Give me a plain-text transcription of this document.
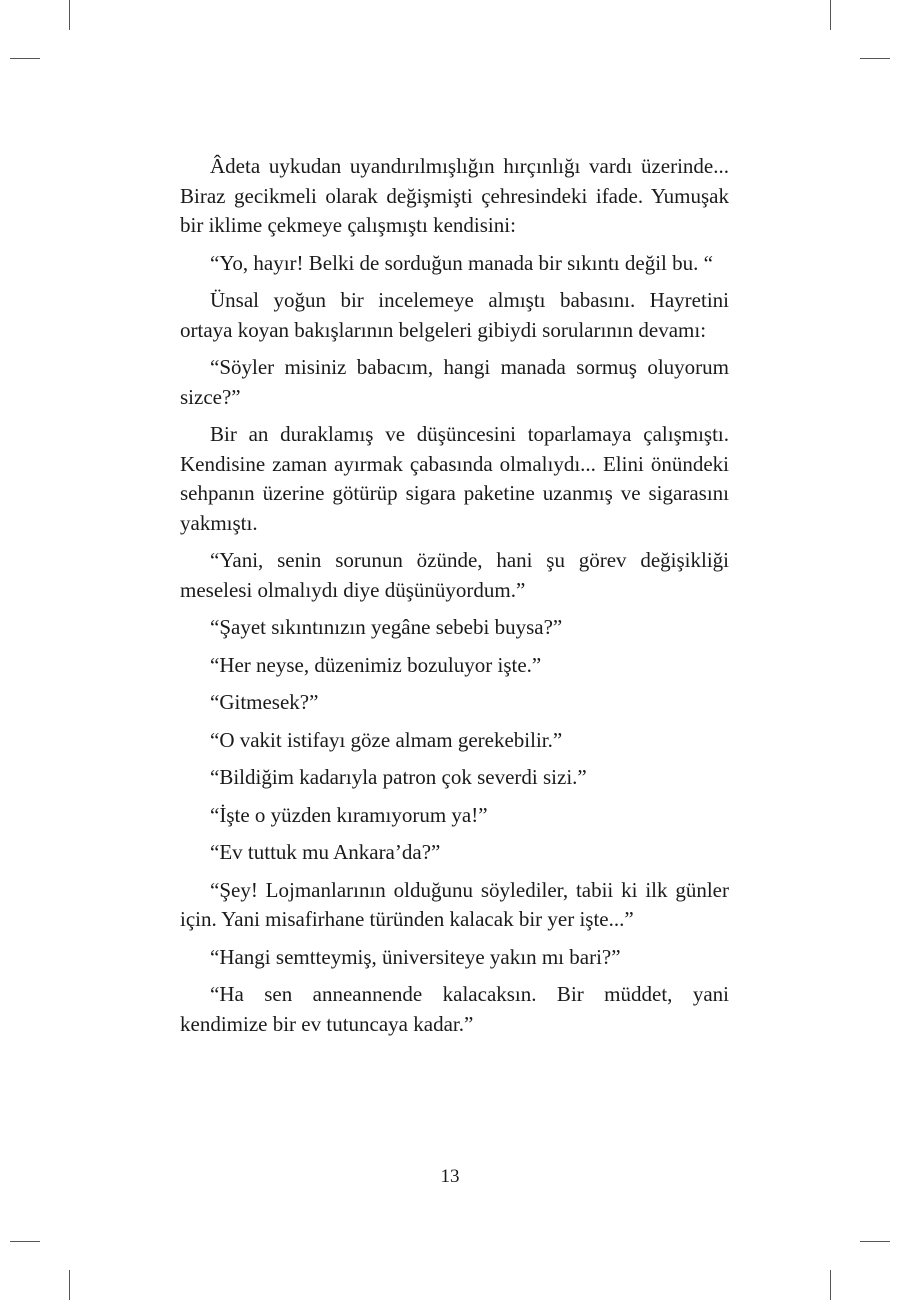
Âdeta uykudan uyandırılmışlığın hırçınlığı vardı üzerinde... Biraz gecikmeli olarak değişmişti çehresindeki ifade. Yumuşak bir iklime çekmeye çalışmıştı kendisini:

“Yo, hayır! Belki de sorduğun manada bir sıkıntı değil bu. “

Ünsal yoğun bir incelemeye almıştı babasını. Hayretini ortaya koyan bakışlarının belgeleri gibiydi sorularının devamı:

“Söyler misiniz babacım, hangi manada sormuş oluyorum sizce?”

Bir an duraklamış ve düşüncesini toparlamaya çalışmıştı. Kendisine zaman ayırmak çabasında olmalıydı... Elini önündeki sehpanın üzerine götürüp sigara paketine uzanmış ve sigarasını yakmıştı.

“Yani, senin sorunun özünde, hani şu görev değişikliği meselesi olmalıydı diye düşünüyordum.”

“Şayet sıkıntınızın yegâne sebebi buysa?”

“Her neyse, düzenimiz bozuluyor işte.”

“Gitmesek?”

“O vakit istifayı göze almam gerekebilir.”

“Bildiğim kadarıyla patron çok severdi sizi.”

“İşte o yüzden kıramıyorum ya!”

“Ev tuttuk mu Ankara’da?”

“Şey! Lojmanlarının olduğunu söylediler, tabii ki ilk günler için. Yani misafirhane türünden kalacak bir yer işte...”

“Hangi semtteymiş, üniversiteye yakın mı bari?”

“Ha sen anneannende kalacaksın. Bir müddet, yani kendimize bir ev tutuncaya kadar.”

13
